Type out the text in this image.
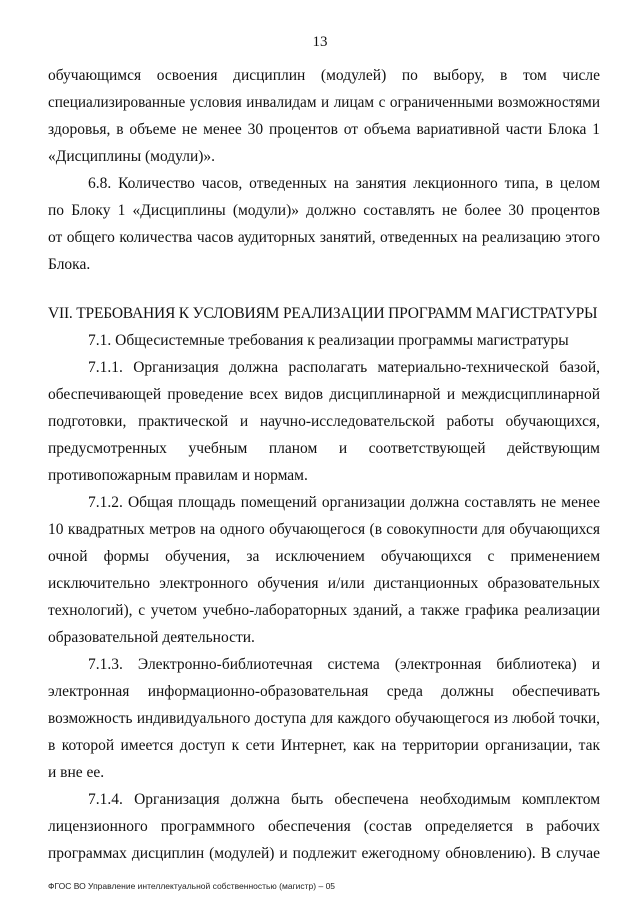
13
обучающимся освоения дисциплин (модулей) по выбору, в том числе
специализированные условия инвалидам и лицам с ограниченными возможностями
здоровья, в объеме не менее 30 процентов от объема вариативной части Блока 1
«Дисциплины (модули)».
6.8. Количество часов, отведенных на занятия лекционного типа, в целом
по Блоку 1 «Дисциплины (модули)» должно составлять не более 30 процентов
от общего количества часов аудиторных занятий, отведенных на реализацию этого
Блока.
VII. ТРЕБОВАНИЯ К УСЛОВИЯМ РЕАЛИЗАЦИИ ПРОГРАММ МАГИСТРАТУРЫ
7.1. Общесистемные требования к реализации программы магистратуры
7.1.1. Организация должна располагать материально-технической базой,
обеспечивающей проведение всех видов дисциплинарной и междисциплинарной
подготовки, практической и научно-исследовательской работы обучающихся,
предусмотренных учебным планом и соответствующей действующим
противопожарным правилам и нормам.
7.1.2. Общая площадь помещений организации должна составлять не менее
10 квадратных метров на одного обучающегося (в совокупности для обучающихся
очной формы обучения, за исключением обучающихся с применением
исключительно электронного обучения и/или дистанционных образовательных
технологий), с учетом учебно-лабораторных зданий, а также графика реализации
образовательной деятельности.
7.1.3. Электронно-библиотечная система (электронная библиотека) и
электронная информационно-образовательная среда должны обеспечивать
возможность индивидуального доступа для каждого обучающегося из любой точки,
в которой имеется доступ к сети Интернет, как на территории организации, так
и вне ее.
7.1.4. Организация должна быть обеспечена необходимым комплектом
лицензионного программного обеспечения (состав определяется в рабочих
программах дисциплин (модулей) и подлежит ежегодному обновлению). В случае
ФГОС ВО Управление интеллектуальной собственностью (магистр) – 05
